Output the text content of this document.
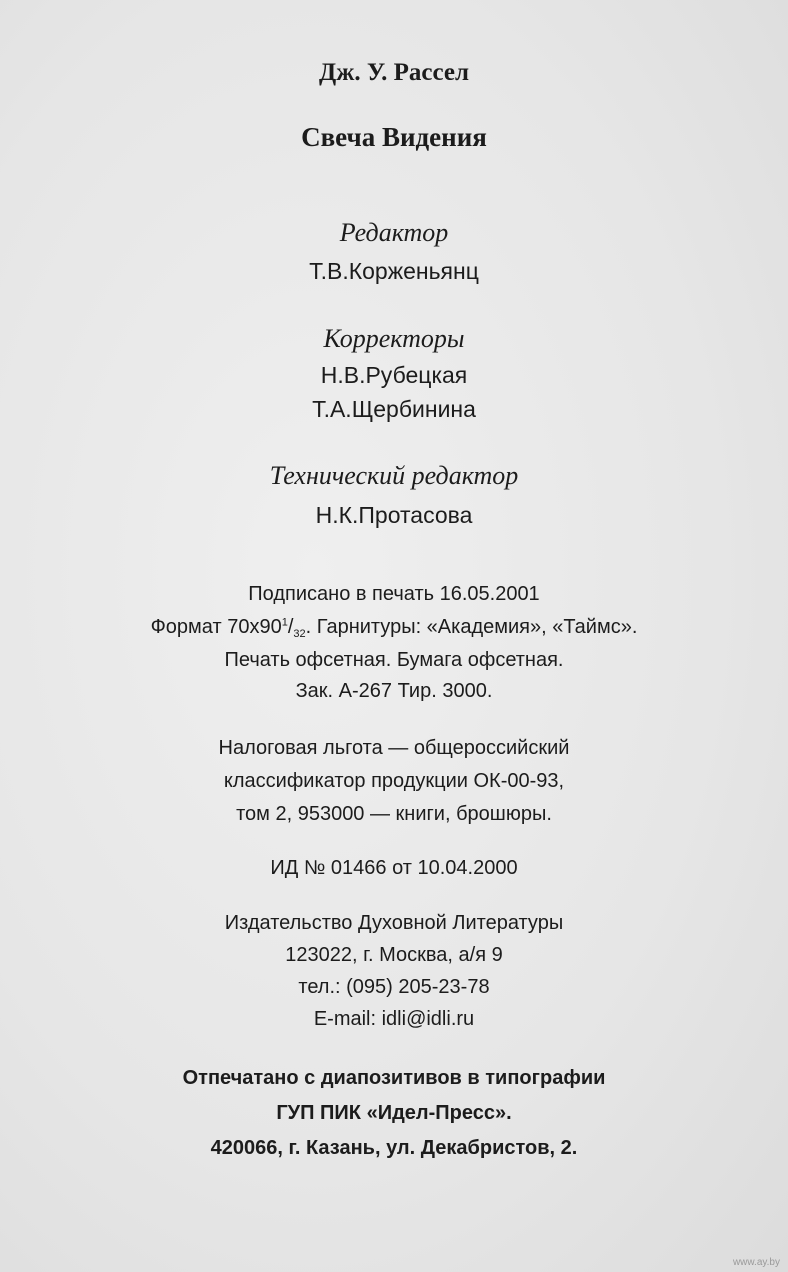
Дж. У. Рассел
Свеча Видения
Редактор
Т.В.Корженьянц
Корректоры
Н.В.Рубецкая
Т.А.Щербинина
Технический редактор
Н.К.Протасова
Подписано в печать 16.05.2001
Формат $70х90^1/_{32}$. Гарнитуры: «Академия», «Таймс».
Печать офсетная. Бумага офсетная.
Зак. А-267 Тир. 3000.
Налоговая льгота — общероссийский
классификатор продукции ОК-00-93,
том 2, 953000 — книги, брошюры.
ИД № 01466 от 10.04.2000
Издательство Духовной Литературы
123022, г. Москва, а/я 9
тел.: (095) 205-23-78
E-mail: idli@idli.ru
Отпечатано с диапозитивов в типографии
ГУП ПИК «Идел-Пресс».
420066, г. Казань, ул. Декабристов, 2.
www.ay.by
